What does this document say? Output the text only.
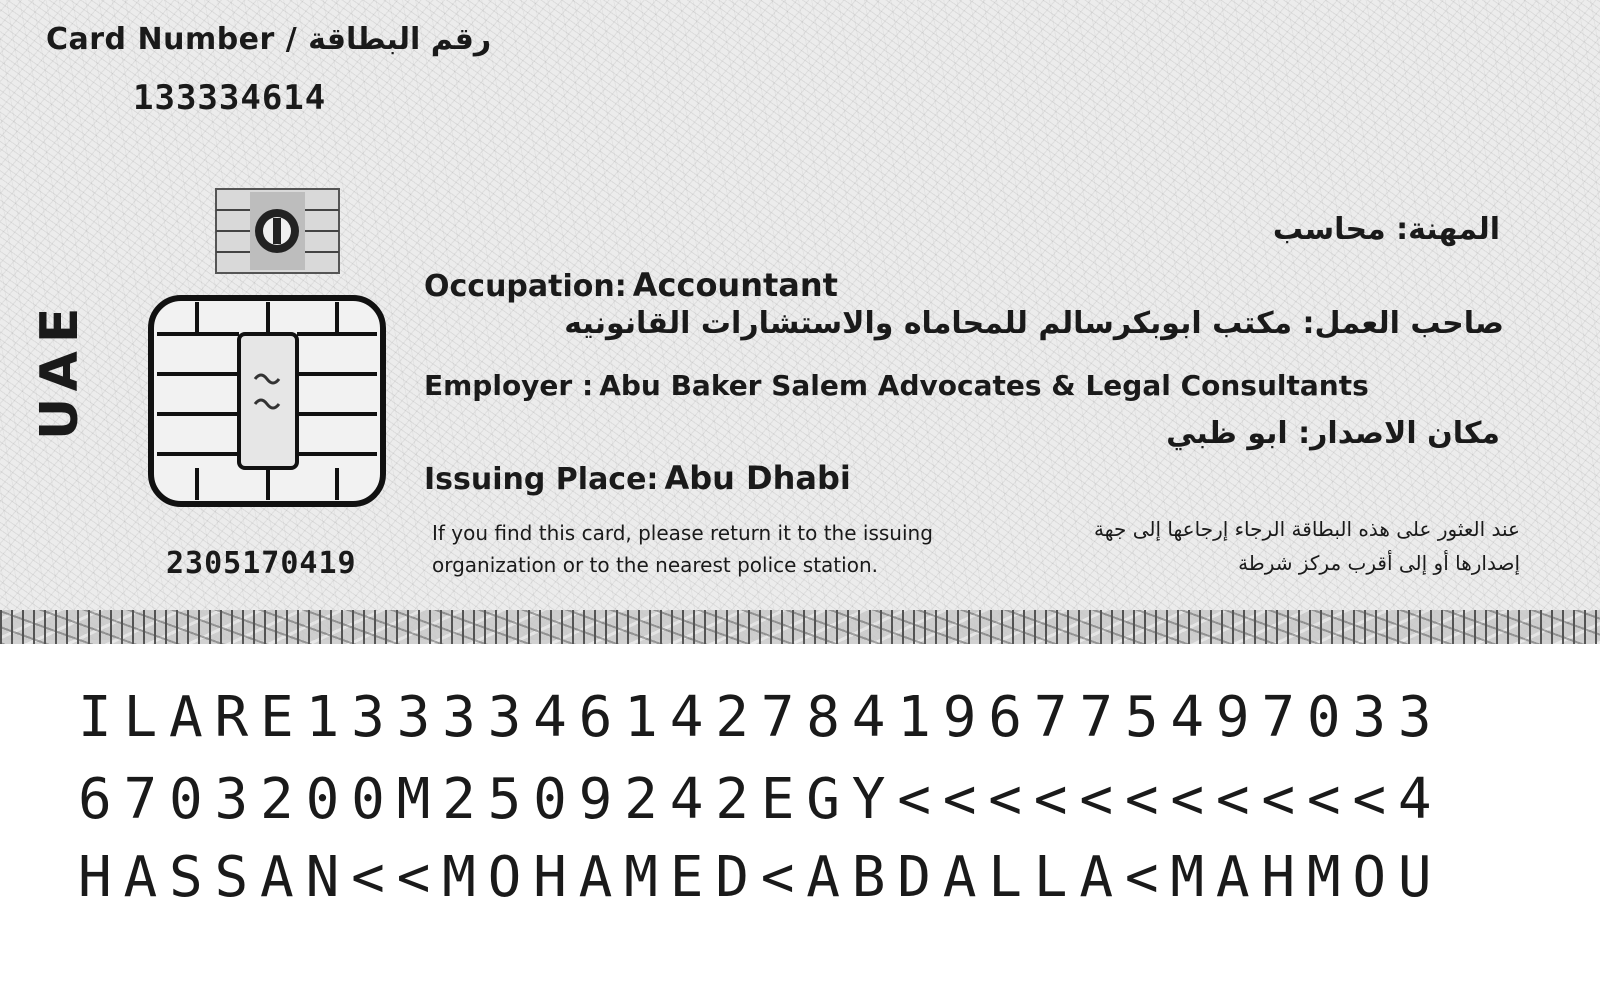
Card Number / رقم البطاقة
133334614
UAE
2305170419
المهنة: محاسب
Occupation: Accountant
صاحب العمل: مكتب ابوبكرسالم للمحاماه والاستشارات القانونيه
Employer : Abu Baker Salem Advocates & Legal Consultants
مكان الاصدار: ابو ظبي
Issuing Place: Abu Dhabi
If you find this card, please return it to the issuing
organization or to the nearest police station.
عند العثور على هذه البطاقة الرجاء إرجاعها إلى جهة
إصدارها أو إلى أقرب مركز شرطة
ILARE133334614278419677549703З
6703200M2509242EGY<<<<<<<<<<<4
HASSAN<<MOHAMED<ABDALLA<MAHMOU
